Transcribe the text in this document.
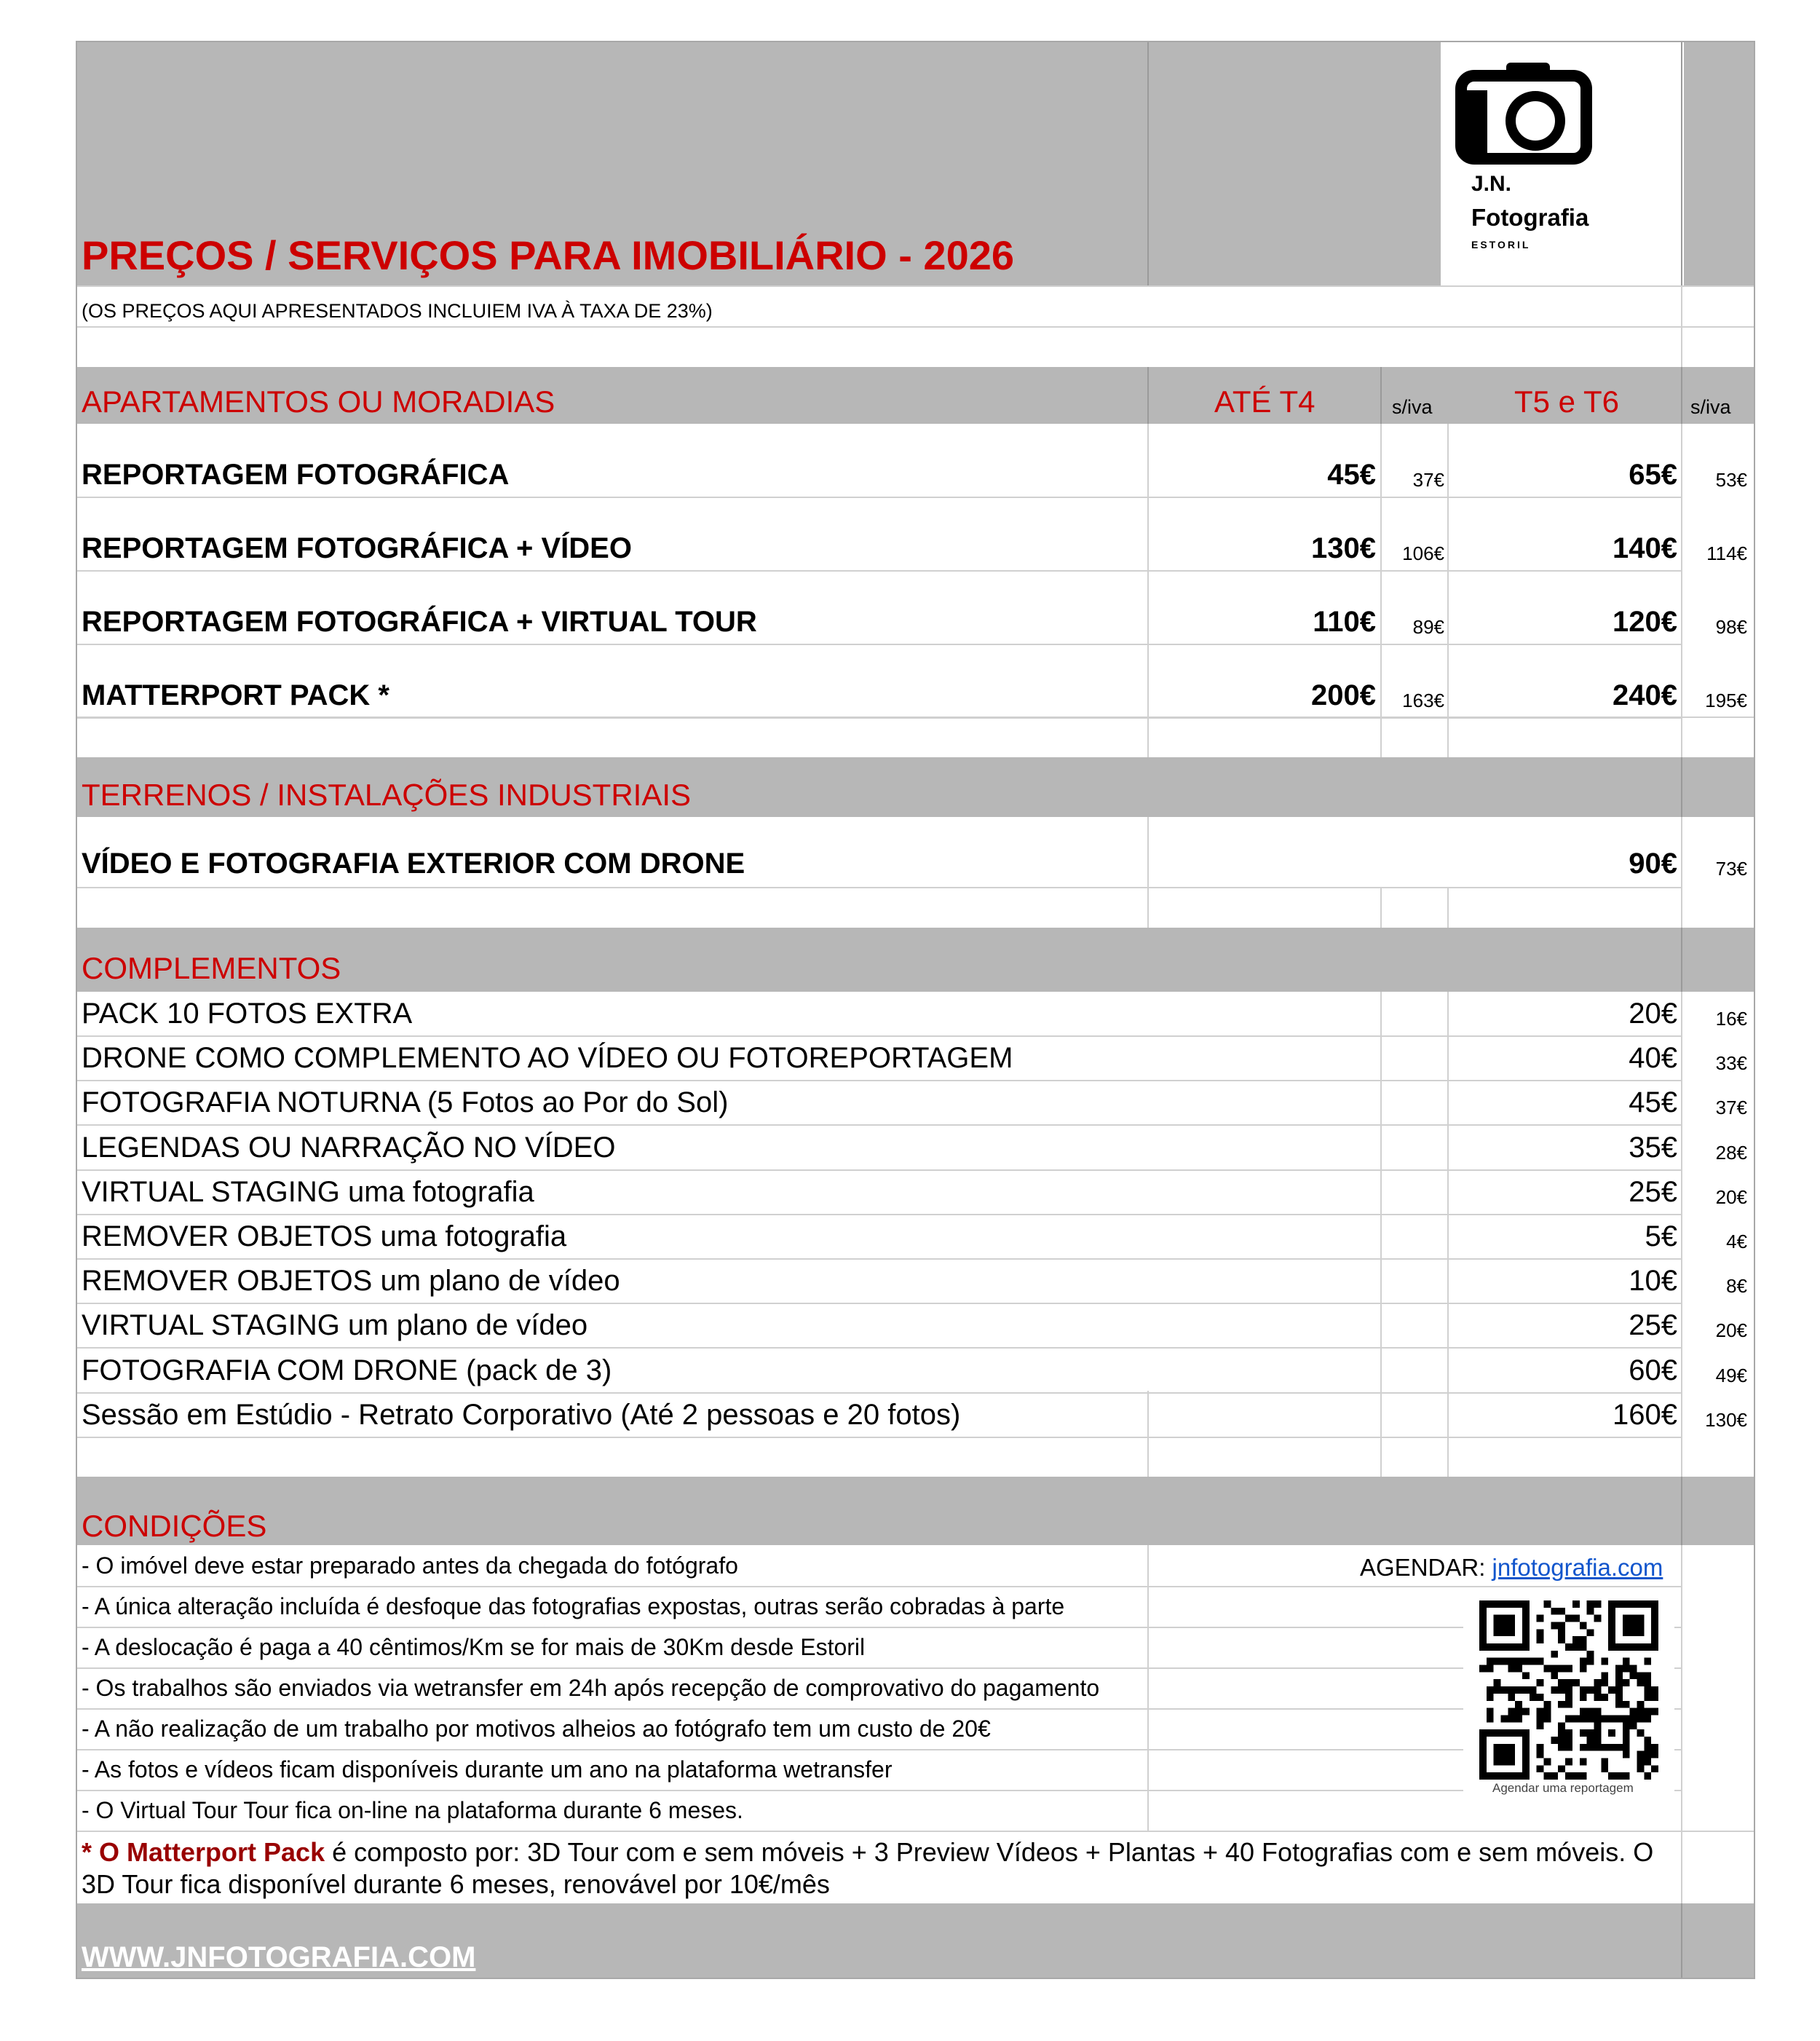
J.N.
Fotografia
ESTORIL
PREÇOS / SERVIÇOS PARA IMOBILIÁRIO - 2026
(OS PREÇOS AQUI APRESENTADOS INCLUIEM IVA À TAXA DE 23%)
APARTAMENTOS OU MORADIAS	ATÉ T4	s/iva	T5 e T6	s/iva
REPORTAGEM FOTOGRÁFICA	45€	37€	65€	53€
REPORTAGEM FOTOGRÁFICA + VÍDEO	130€	106€	140€	114€
REPORTAGEM FOTOGRÁFICA + VIRTUAL TOUR	110€	89€	120€	98€
MATTERPORT PACK *	200€	163€	240€	195€
TERRENOS / INSTALAÇÕES INDUSTRIAIS
VÍDEO E FOTOGRAFIA EXTERIOR COM DRONE	90€	73€
COMPLEMENTOS
PACK 10 FOTOS EXTRA	20€	16€
DRONE COMO COMPLEMENTO AO VÍDEO OU FOTOREPORTAGEM	40€	33€
FOTOGRAFIA NOTURNA (5 Fotos ao Por do Sol)	45€	37€
LEGENDAS OU NARRAÇÃO NO VÍDEO	35€	28€
VIRTUAL STAGING uma fotografia	25€	20€
REMOVER OBJETOS uma fotografia	5€	4€
REMOVER OBJETOS um plano de vídeo	10€	8€
VIRTUAL STAGING um plano de vídeo	25€	20€
FOTOGRAFIA COM DRONE (pack de 3)	60€	49€
Sessão em Estúdio - Retrato Corporativo (Até 2 pessoas e 20 fotos)	160€	130€
CONDIÇÕES
- O imóvel deve estar preparado antes da chegada do fotógrafo
- A única alteração incluída é desfoque das fotografias expostas, outras serão cobradas à parte
- A deslocação é paga a 40 cêntimos/Km se for mais de 30Km desde Estoril
- Os trabalhos são enviados via wetransfer em 24h após recepção de comprovativo do pagamento
- A não realização de um trabalho por motivos alheios ao fotógrafo tem um custo de 20€
- As fotos e vídeos ficam disponíveis durante um ano na plataforma wetransfer
- O Virtual Tour Tour fica on-line na plataforma durante 6 meses.
AGENDAR: jnfotografia.com
Agendar uma reportagem
* O Matterport Pack é composto por: 3D Tour com e sem móveis + 3 Preview Vídeos + Plantas + 40 Fotografias com e sem móveis. O 3D Tour fica disponível durante 6 meses, renovável por 10€/mês
WWW.JNFOTOGRAFIA.COM
